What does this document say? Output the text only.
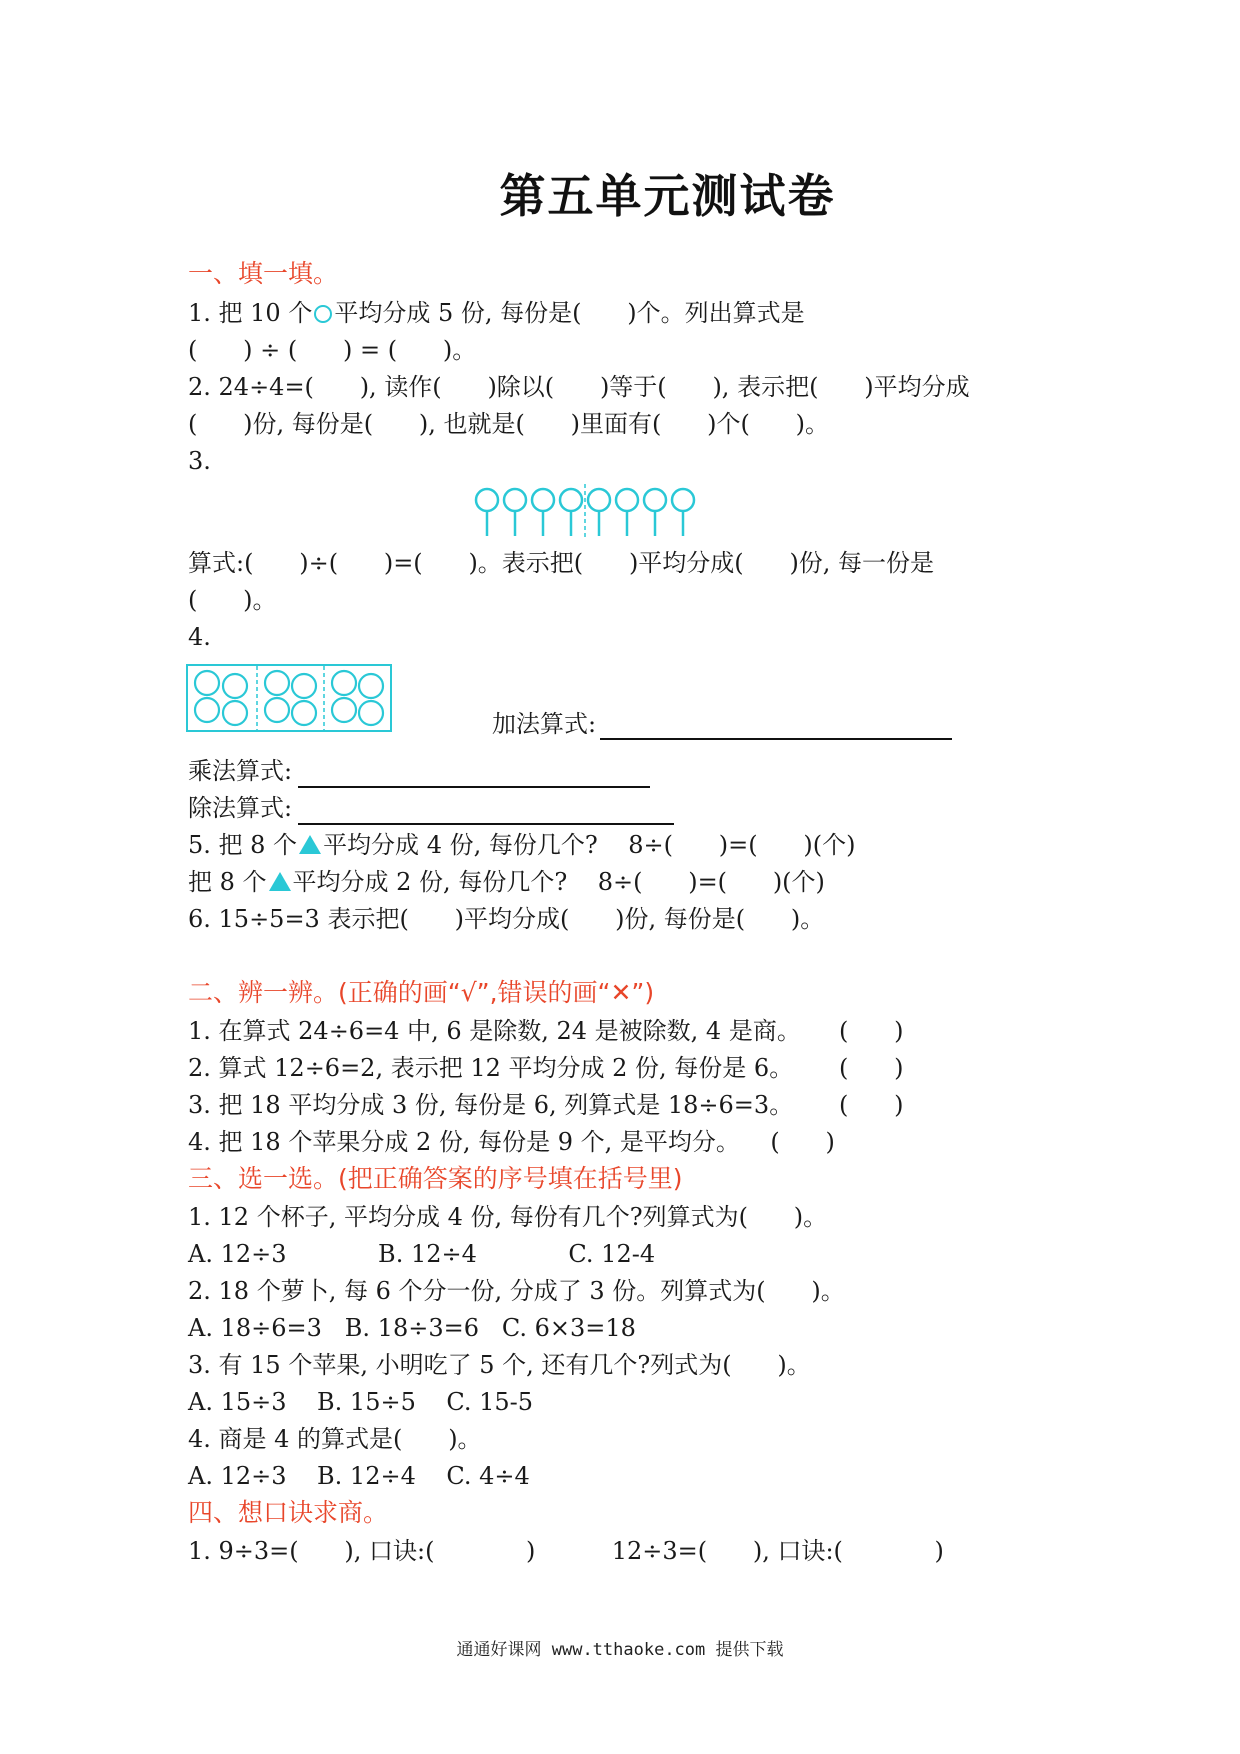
第五单元测试卷
一、填一填。
1. 把 10 个 平均分成 5 份, 每份是(      )个。列出算式是
(      ) ÷ (      ) = (      )。
2. 24÷4=(      ), 读作(      )除以(      )等于(      ), 表示把(      )平均分成
(      )份, 每份是(      ), 也就是(      )里面有(      )个(      )。
3.
算式:(      )÷(      )=(      )。表示把(      )平均分成(      )份, 每一份是
(      )。
4.
加法算式:
乘法算式:
除法算式:
5. 把 8 个 平均分成 4 份, 每份几个?    8÷(      )=(      )(个)
把 8 个 平均分成 2 份, 每份几个?    8÷(      )=(      )(个)
6. 15÷5=3 表示把(      )平均分成(      )份, 每份是(      )。
二、辨一辨。(正确的画“√”,错误的画“✕”)
1. 在算式 24÷6=4 中, 6 是除数, 24 是被除数, 4 是商。     (      )
2. 算式 12÷6=2, 表示把 12 平均分成 2 份, 每份是 6。      (      )
3. 把 18 平均分成 3 份, 每份是 6, 列算式是 18÷6=3。      (      )
4. 把 18 个苹果分成 2 份, 每份是 9 个, 是平均分。    (      )
三、选一选。(把正确答案的序号填在括号里)
1. 12 个杯子, 平均分成 4 份, 每份有几个?列算式为(      )。
A. 12÷3            B. 12÷4            C. 12-4
2. 18 个萝卜, 每 6 个分一份, 分成了 3 份。列算式为(      )。
A. 18÷6=3   B. 18÷3=6   C. 6×3=18
3. 有 15 个苹果, 小明吃了 5 个, 还有几个?列式为(      )。
A. 15÷3    B. 15÷5    C. 15-5
4. 商是 4 的算式是(      )。
A. 12÷3    B. 12÷4    C. 4÷4
四、想口诀求商。
1. 9÷3=(      ), 口诀:(            )          12÷3=(      ), 口诀:(            )
通通好课网 www.tthaoke.com 提供下载
